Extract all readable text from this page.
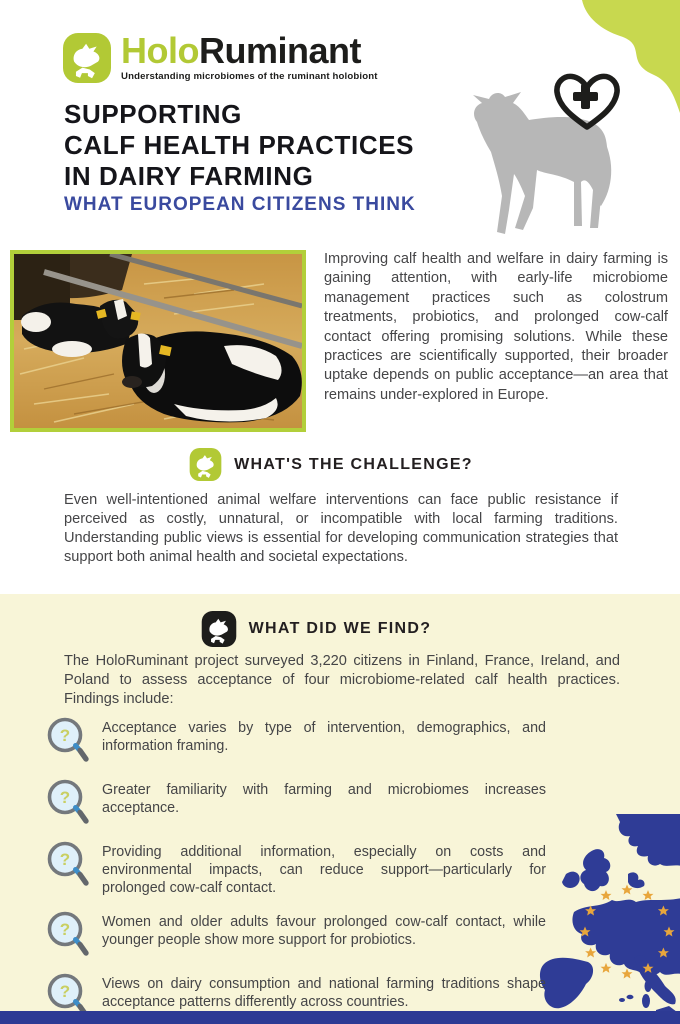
HoloRuminant
Understanding microbiomes of the ruminant holobiont
SUPPORTING
CALF HEALTH PRACTICES
IN DAIRY FARMING
WHAT EUROPEAN CITIZENS THINK
Improving calf health and welfare in dairy farming is gaining attention, with early-life microbiome management practices such as colostrum treatments, probiotics, and prolonged cow-calf contact offering promising solutions. While these practices are scientifically supported, their broader uptake depends on public acceptance—an area that remains under-explored in Europe.
WHAT'S THE CHALLENGE?
Even well-intentioned animal welfare interventions can face public resistance if perceived as costly, unnatural, or incompatible with local farming traditions. Understanding public views is essential for developing communication strategies that support both animal health and societal expectations.
WHAT DID WE FIND?
The HoloRuminant project surveyed 3,220 citizens in Finland, France, Ireland, and Poland to assess acceptance of four microbiome-related calf health practices. Findings include:
? Acceptance varies by type of intervention, demographics, and information framing.
? Greater familiarity with farming and microbiomes increases acceptance.
? Providing additional information, especially on costs and environmental impacts, can reduce support—particularly for prolonged cow-calf contact.
? Women and older adults favour prolonged cow-calf contact, while younger people show more support for probiotics.
? Views on dairy consumption and national farming traditions shape acceptance patterns differently across countries.
